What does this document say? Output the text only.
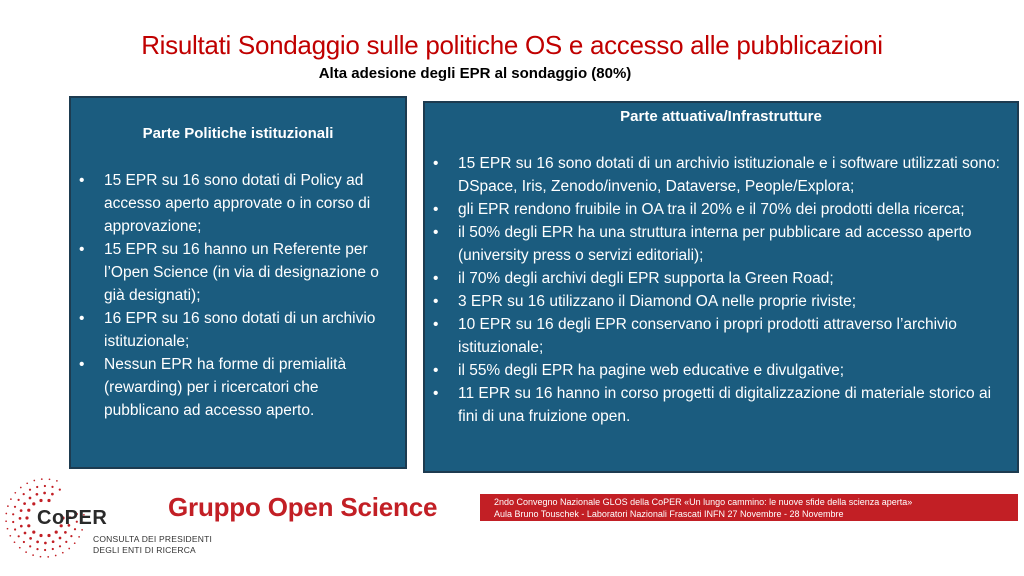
Risultati Sondaggio sulle politiche OS e accesso alle pubblicazioni
Alta adesione degli EPR al sondaggio (80%)
Parte Politiche istituzionali
•	15 EPR su 16 sono dotati di Policy ad accesso aperto approvate o in corso di approvazione;
•	15 EPR su 16 hanno un Referente per l’Open Science (in via di designazione o già designati);
•	16 EPR su 16 sono dotati di un archivio istituzionale;
•	Nessun EPR ha forme di premialità (rewarding) per i ricercatori che pubblicano ad accesso aperto.
Parte attuativa/Infrastrutture
•	15 EPR su 16 sono dotati di un archivio istituzionale e i software utilizzati sono: DSpace, Iris, Zenodo/invenio, Dataverse, People/Explora;
•	gli EPR rendono fruibile in OA tra il 20% e il 70% dei prodotti della ricerca;
•	il 50% degli EPR ha una struttura interna per pubblicare ad accesso aperto (university press o servizi editoriali);
•	il 70% degli archivi degli EPR supporta la Green Road;
•	3 EPR su 16 utilizzano il Diamond OA nelle proprie riviste;
•	10 EPR su 16 degli EPR conservano i propri prodotti attraverso l’archivio istituzionale;
•	il 55% degli EPR ha pagine web educative e divulgative;
•	11 EPR su 16 hanno in corso progetti di digitalizzazione di materiale storico ai fini di una fruizione open.
CoPER
CONSULTA DEI PRESIDENTI
DEGLI ENTI DI RICERCA
Gruppo Open Science	2ndo Convegno Nazionale GLOS della CoPER «Un lungo cammino: le nuove sfide della scienza aperta»
Aula Bruno Touschek - Laboratori Nazionali Frascati INFN 27 Novembre - 28 Novembre
